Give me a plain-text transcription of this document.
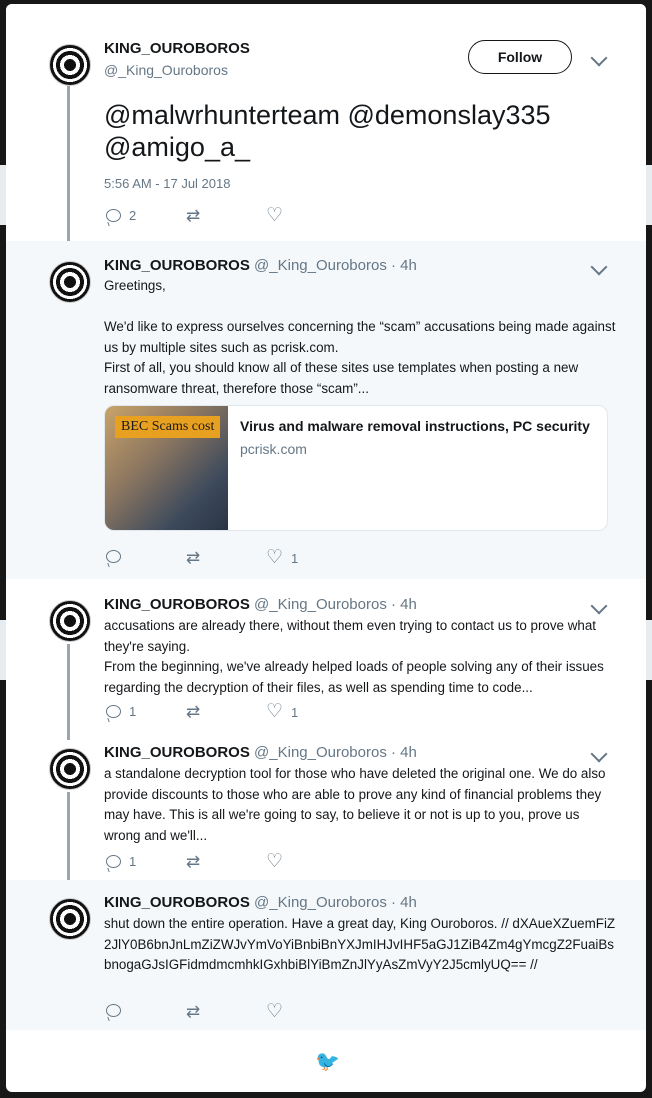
KING_OUROBOROS
@_King_Ouroboros
Follow
@malwrhunterteam @demonslay335 @amigo_a_
5:56 AM - 17 Jul 2018
2	⇄	♡
KING_OUROBOROS @_King_Ouroboros · 4h
Greetings,

We'd like to express ourselves concerning the “scam” accusations being made against us by multiple sites such as pcrisk.com.
First of all, you should know all of these sites use templates when posting a new ransomware threat, therefore those “scam”...
BEC Scams cost	Virus and malware removal instructions, PC security
pcrisk.com
⇄	♡ 1
KING_OUROBOROS @_King_Ouroboros · 4h
accusations are already there, without them even trying to contact us to prove what they're saying.
From the beginning, we've already helped loads of people solving any of their issues regarding the decryption of their files, as well as spending time to code...
1	⇄	♡ 1
KING_OUROBOROS @_King_Ouroboros · 4h
a standalone decryption tool for those who have deleted the original one. We do also provide discounts to those who are able to prove any kind of financial problems they may have. This is all we're going to say, to believe it or not is up to you, prove us wrong and we'll...
1	⇄	♡
KING_OUROBOROS @_King_Ouroboros · 4h
shut down the entire operation. Have a great day, King Ouroboros. // dXAueXZuemFiZ2JlY0B6bnJnLmZiZWJvYmVoYiBnbiBnYXJmIHJvIHF5aGJ1ZiB4Zm4gYmcgZ2FuaiBsbnogaGJsIGFidmdmcmhkIGxhbiBlYiBmZnJlYyAsZmVyY2J5cmlyUQ== //
⇄	♡
🐦
